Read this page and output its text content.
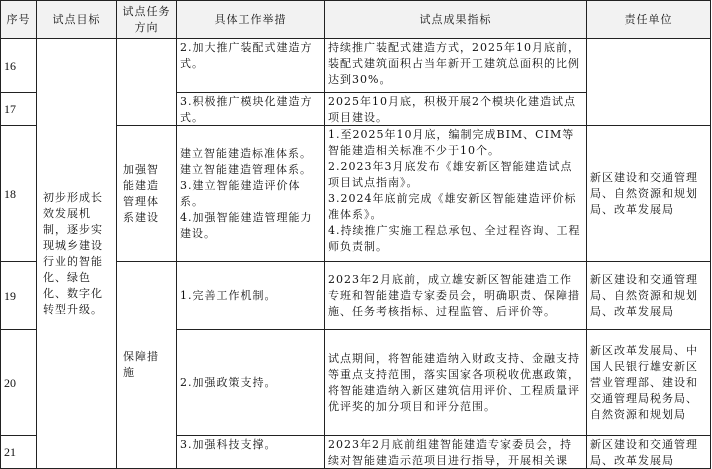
序号	试点目标	试点任务方向	具体工作举措	试点成果指标	责任单位
16	初步形成长效发展机制，逐步实现城乡建设行业的智能化、绿色化、数字化转型升级。		2.加大推广装配式建造方式。	持续推广装配式建造方式，2025年10月底前，装配式建筑面积占当年新开工建筑总面积的比例达到30%。	
17			3.积极推广模块化建造方式。	2025年10月底，积极开展2个模块化建造试点项目建设。	

18		加强智能建造管理体系建设	建立智能建造标准体系。
建立智能建造管理体系。
3.建立智能建造评价体系。
4.加强智能建造管理能力建设。	1.至2025年10月底，编制完成BIM、CIM等智能建造相关标准不少于10个。
2.2023年3月底发布《雄安新区智能建造试点项目试点指南》。
3.2024年底前完成《雄安新区智能建造评价标准体系》。
4.持续推广实施工程总承包、全过程咨询、工程师负责制。	新区建设和交通管理局、自然资源和规划局、改革发展局
19		保障措施	1.完善工作机制。	2023年2月底前，成立雄安新区智能建造工作专班和智能建造专家委员会，明确职责、保障措施、任务考核指标、过程监管、后评价等。	新区建设和交通管理局、自然资源和规划局、改革发展局
20			2.加强政策支持。	试点期间，将智能建造纳入财政支持、金融支持等重点支持范围，落实国家各项税收优惠政策，将智能建造纳入新区建筑信用评价、工程质量评优评奖的加分项目和评分范围。	新区改革发展局、中国人民银行雄安新区营业管理部、建设和交通管理局税务局、自然资源和规划局
21			3.加强科技支撑。	2023年2月底前组建智能建造专家委员会，持续对智能建造示范项目进行指导，开展相关课	新区建设和交通管理局、改革发展局
